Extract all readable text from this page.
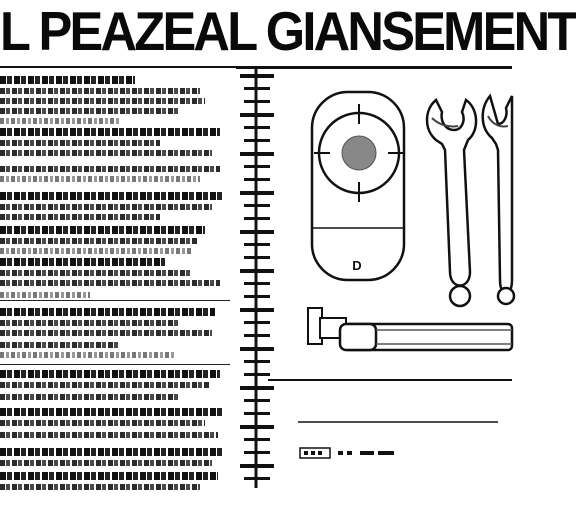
L PEAZEAL GIANSEMENT
D
